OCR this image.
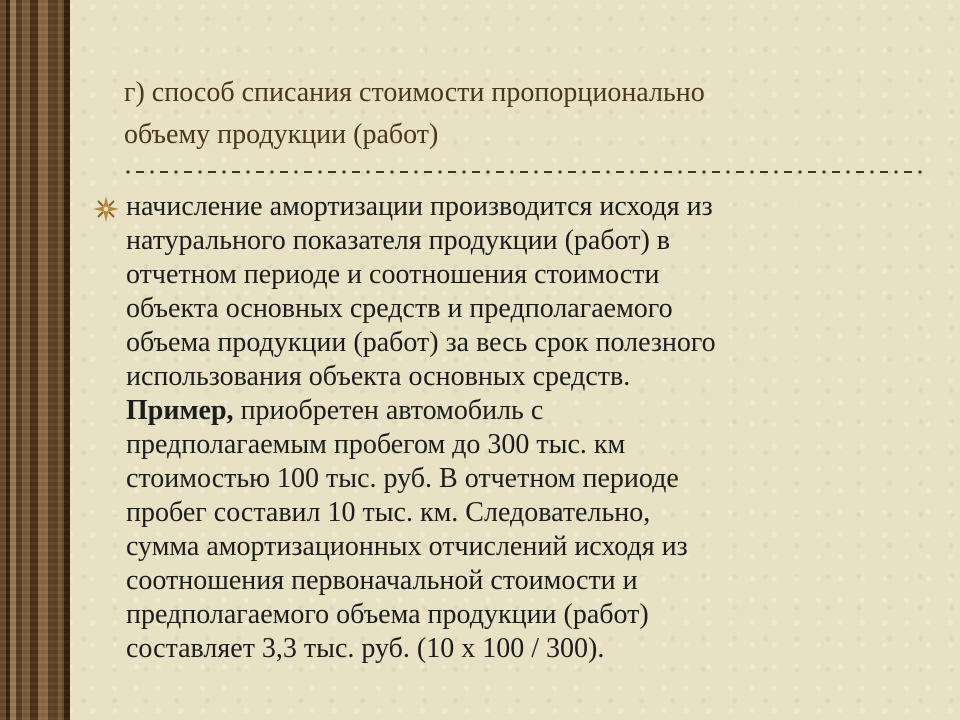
г) способ списания стоимости пропорционально
объему продукции (работ)
начисление амортизации производится исходя из
натурального показателя продукции (работ) в
отчетном периоде и соотношения стоимости
объекта основных средств и предполагаемого
объема продукции (работ) за весь срок полезного
использования объекта основных средств.
Пример, приобретен автомобиль с
предполагаемым пробегом до 300 тыс. км
стоимостью 100 тыс. руб. В отчетном периоде
пробег составил 10 тыс. км. Следовательно,
сумма амортизационных отчислений исходя из
соотношения первоначальной стоимости и
предполагаемого объема продукции (работ)
составляет 3,3 тыс. руб. (10 х 100 / 300).
